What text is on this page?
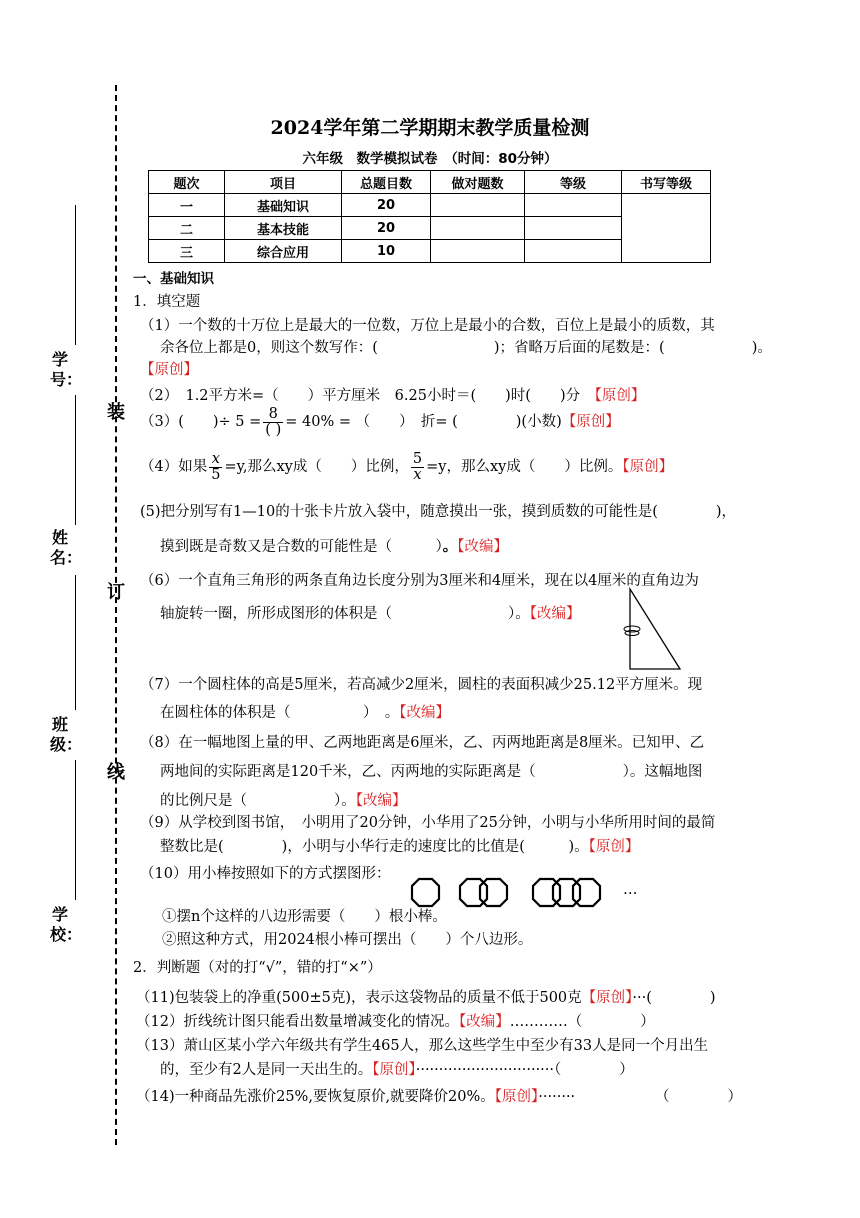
学号：
姓名：
班级：
学校：
装
订
线
2024学年第二学期期末教学质量检测
六年级　数学模拟试卷　（时间：80分钟）
题次	项目	总题目数	做对题数	等级	书写等级
一	基础知识	20			
二	基本技能	20			
三	综合应用	10			
一、基础知识
1．填空题
（1）一个数的十万位上是最大的一位数，万位上是最小的合数，百位上是最小的质数，其
余各位上都是0，则这个数写作：(　　　　　　　　)；省略万后面的尾数是：(　　　　　　)。
【原创】
（2）　1.2平方米=（　　）平方厘米　6.25小时＝(　　)时(　　)分　【原创】
（3）(　　)÷ $5 = \frac{8}{( )} = 40\%$ = （　　）　折= (　　　　)(小数)【原创】
（4）如果 $\frac{x}{5} =y$,那么xy成（　　）比例， $\frac{5}{x} =y$，那么xy成（　　）比例。【原创】
(5)把分别写有1—10的十张卡片放入袋中，随意摸出一张，摸到质数的可能性是(　　　　)，
摸到既是奇数又是合数的可能性是（　　　）。【改编】
（6）一个直角三角形的两条直角边长度分别为3厘米和4厘米，现在以4厘米的直角边为
轴旋转一圈，所形成图形的体积是（　　　　　　　　）。【改编】
（7）一个圆柱体的高是5厘米，若高减少2厘米，圆柱的表面积减少25.12平方厘米。现
在圆柱体的体积是（　　　　　）　。【改编】
（8）在一幅地图上量的甲、乙两地距离是6厘米，乙、丙两地距离是8厘米。已知甲、乙
两地间的实际距离是120千米，乙、丙两地的实际距离是（　　　　　　）。这幅地图
的比例尺是（　　　　　　）。【改编】
（9）从学校到图书馆，　小明用了20分钟，小华用了25分钟，小明与小华所用时间的最简
整数比是(　　　　)，小明与小华行走的速度比的比值是(　　　)。【原创】
（10）用小棒按照如下的方式摆图形：
…
①摆n个这样的八边形需要（　　）根小棒。
②照这种方式，用2024根小棒可摆出（　　）个八边形。
2．判断题（对的打“√”，错的打“×”）
（11)包装袋上的净重(500±5克)，表示这袋物品的质量不低于500克【原创】···(　　　　)
（12）折线统计图只能看出数量增减变化的情况。【改编】…………（　　　　）
（13）萧山区某小学六年级共有学生465人，那么这些学生中至少有33人是同一个月出生
的，至少有2人是同一天出生的。【原创】······························（　　　　）
（14)一种商品先涨价25%,要恢复原价,就要降价20%。【原创】········	（　　　　）
